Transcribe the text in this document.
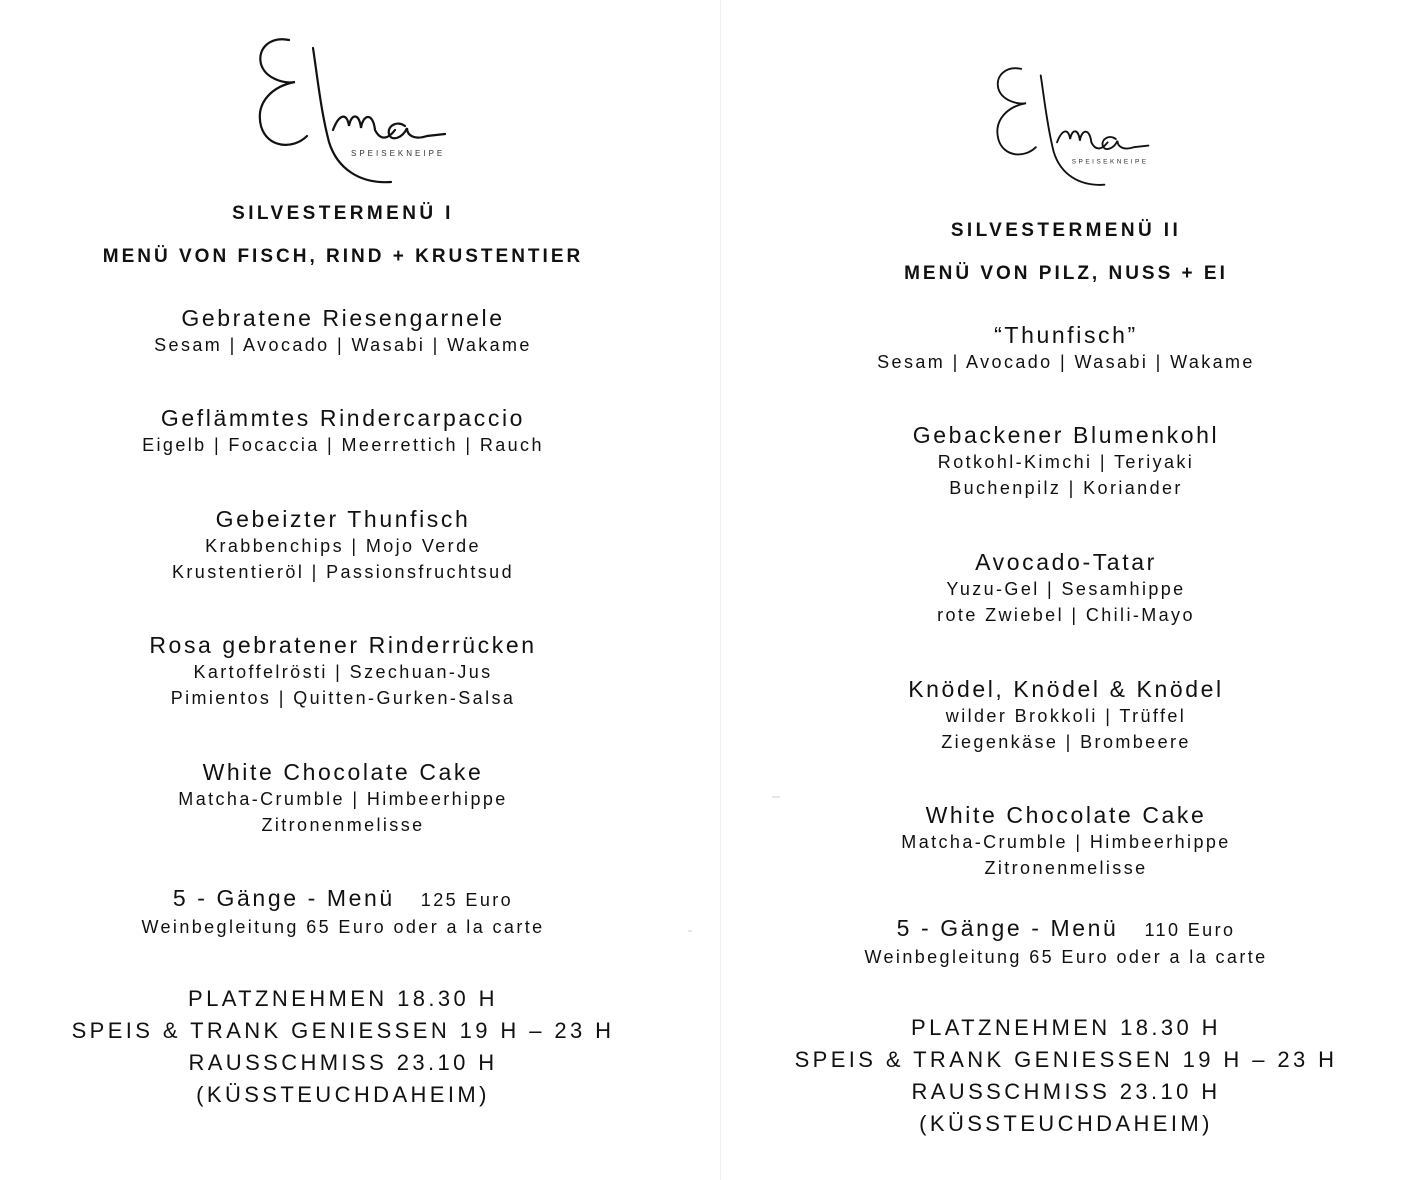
SPEISEKNEIPE
SILVESTERMENÜ I
MENÜ VON FISCH, RIND + KRUSTENTIER
Gebratene Riesengarnele
Sesam | Avocado | Wasabi | Wakame
Geflämmtes Rindercarpaccio
Eigelb | Focaccia | Meerrettich | Rauch
Gebeizter Thunfisch
Krabbenchips | Mojo Verde
Krustentieröl | Passionsfruchtsud
Rosa gebratener Rinderrücken
Kartoffelrösti | Szechuan-Jus
Pimientos | Quitten-Gurken-Salsa
White Chocolate Cake
Matcha-Crumble | Himbeerhippe
Zitronenmelisse
5 - Gänge - Menü 125 Euro
Weinbegleitung 65 Euro oder a la carte
PLATZNEHMEN 18.30 H
SPEIS & TRANK GENIESSEN 19 H – 23 H
RAUSSCHMISS 23.10 H
(KÜSSTEUCHDAHEIM)
SPEISEKNEIPE
SILVESTERMENÜ II
MENÜ VON PILZ, NUSS + EI
“Thunfisch”
Sesam | Avocado | Wasabi | Wakame
Gebackener Blumenkohl
Rotkohl-Kimchi | Teriyaki
Buchenpilz | Koriander
Avocado-Tatar
Yuzu-Gel | Sesamhippe
rote Zwiebel | Chili-Mayo
Knödel, Knödel & Knödel
wilder Brokkoli | Trüffel
Ziegenkäse | Brombeere
White Chocolate Cake
Matcha-Crumble | Himbeerhippe
Zitronenmelisse
5 - Gänge - Menü 110 Euro
Weinbegleitung 65 Euro oder a la carte
PLATZNEHMEN 18.30 H
SPEIS & TRANK GENIESSEN 19 H – 23 H
RAUSSCHMISS 23.10 H
(KÜSSTEUCHDAHEIM)
